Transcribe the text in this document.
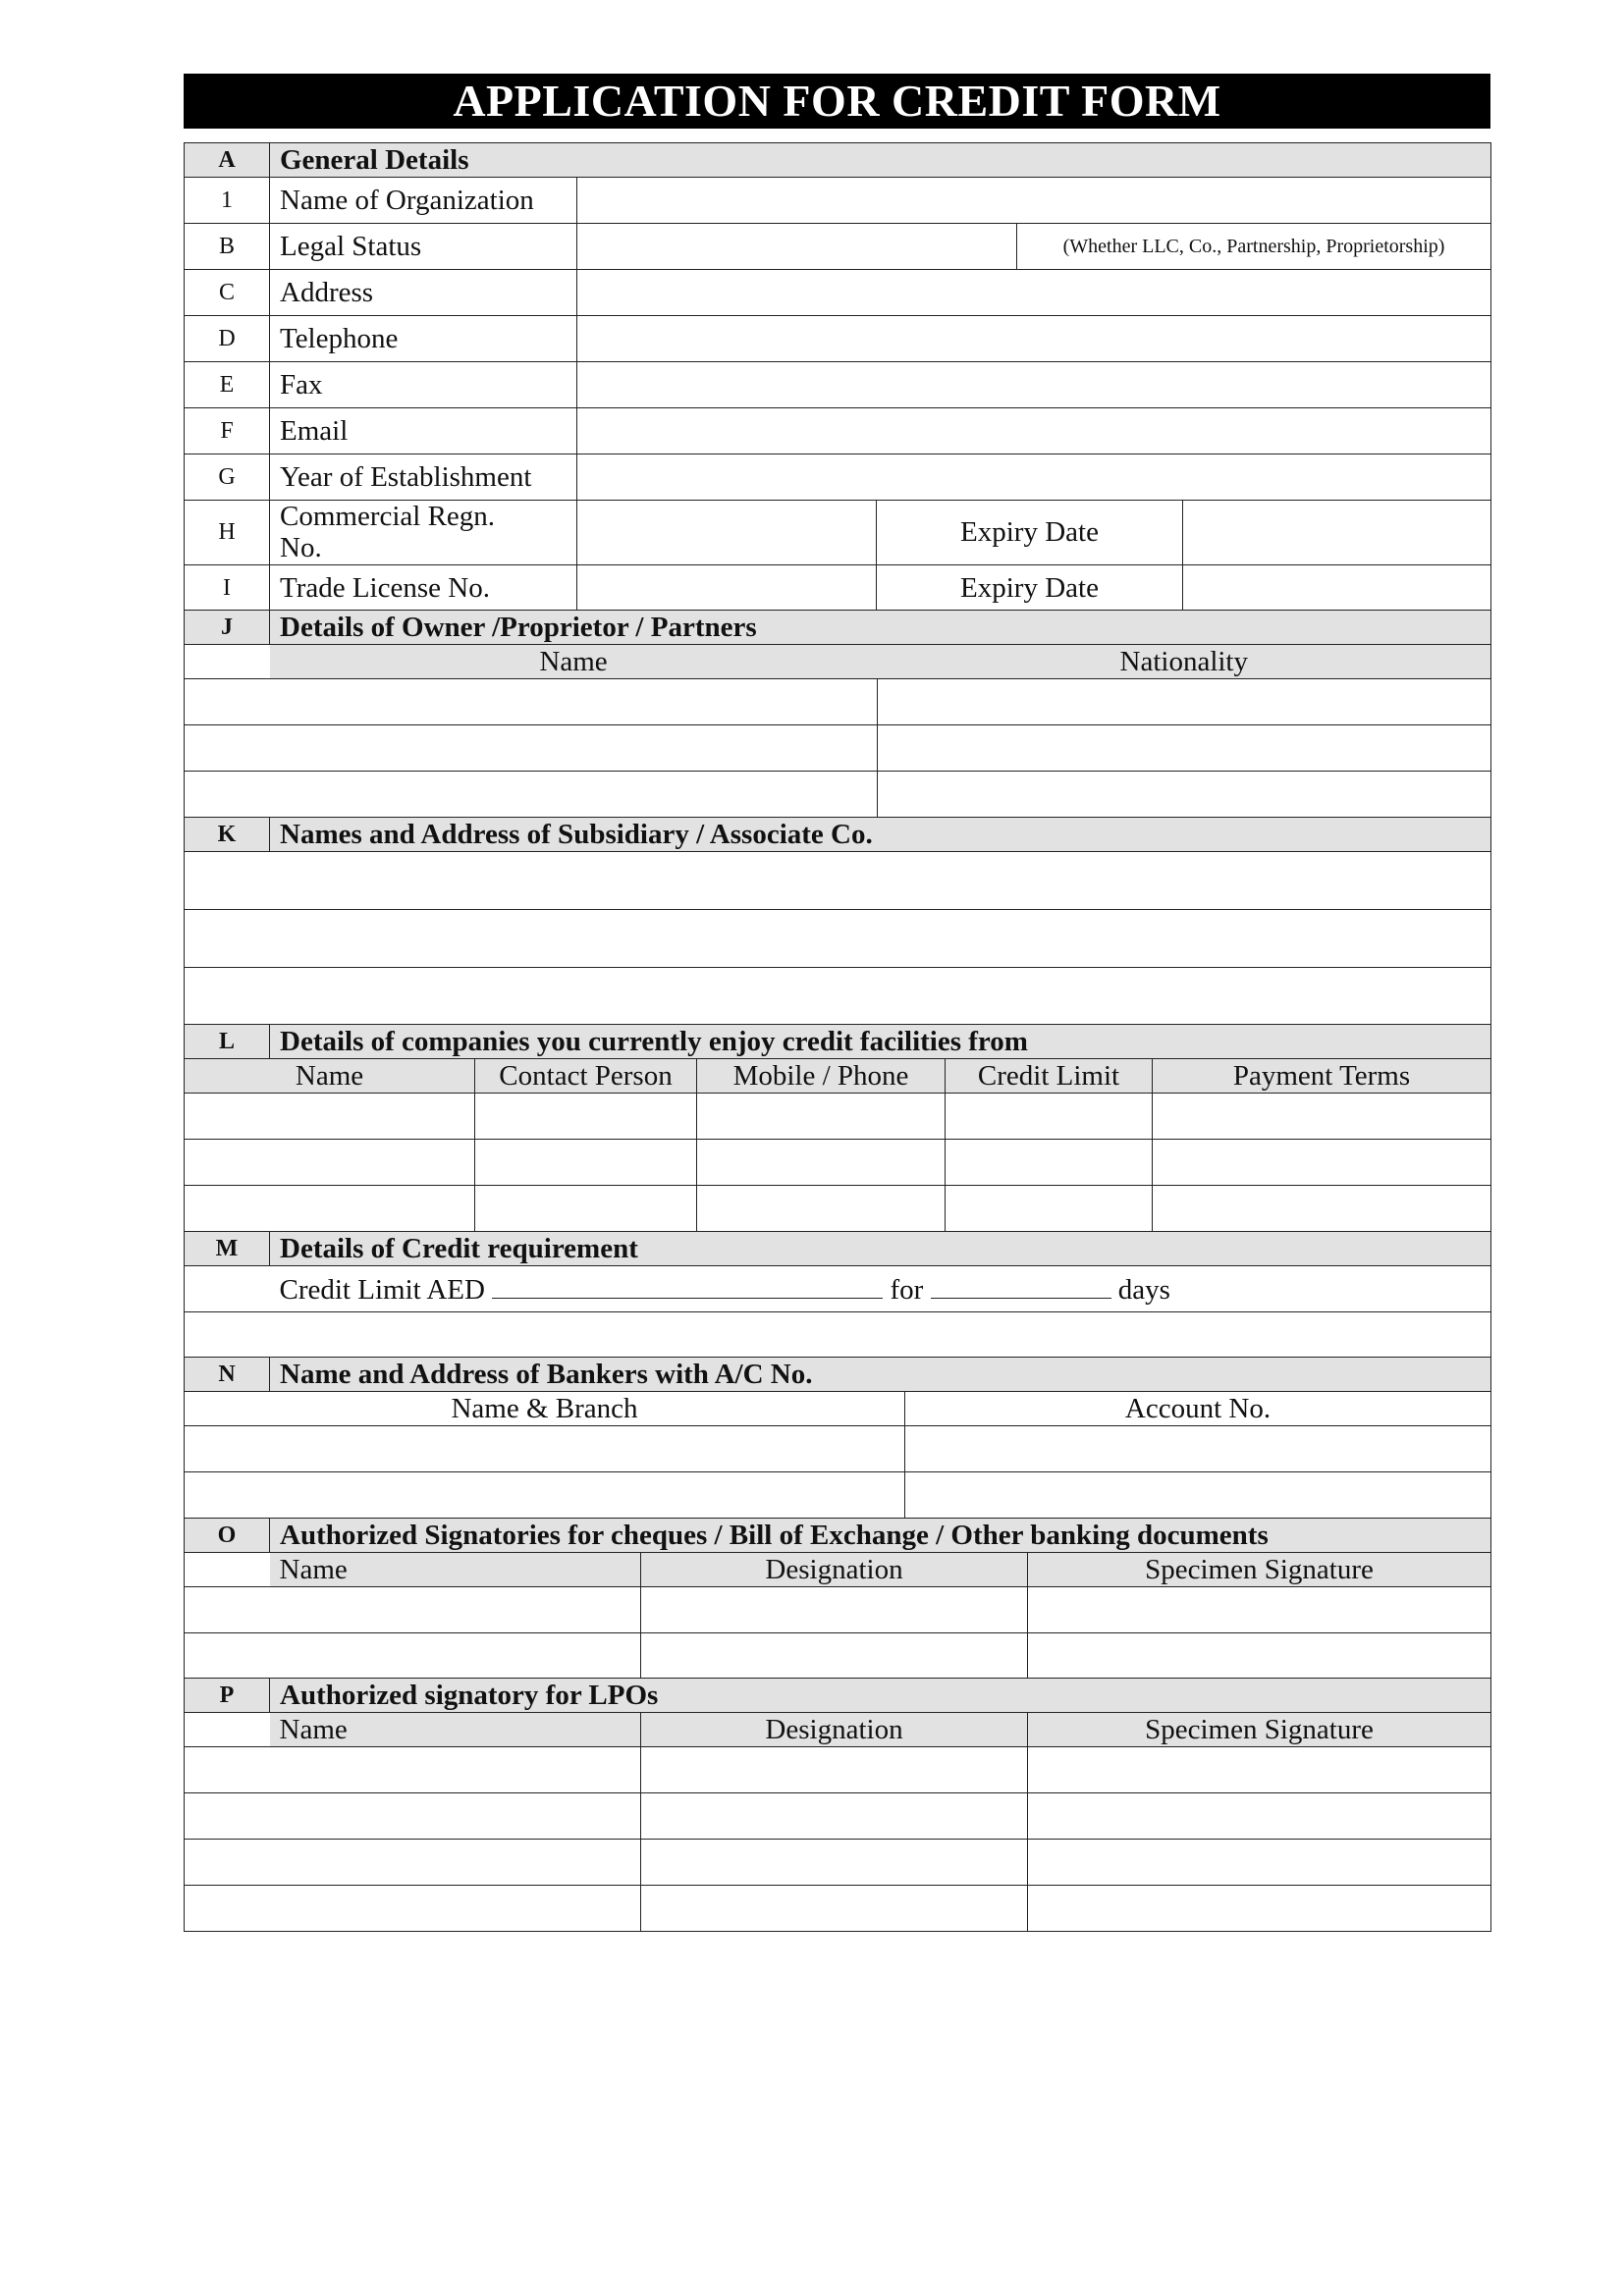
APPLICATION FOR CREDIT FORM
A	General Details				
1	Name of Organization				
B	Legal Status			(Whether LLC, Co., Partnership, Proprietorship)	
C	Address				
D	Telephone				
E	Fax				
F	Email				
G	Year of Establishment				
H	Commercial Regn. No.		Expiry Date		
I	Trade License No.		Expiry Date		
J	Details of Owner /Proprietor / Partners	
	Name	Nationality

K	Names and Address of Subsidiary / Associate Co.

L	Details of companies you currently enjoy credit facilities from				
Name		Contact Person	Mobile / Phone	Credit Limit	Payment Terms

M	Details of Credit requirement
	Credit Limit AED for days

N	Name and Address of Bankers with A/C No.	
Name & Branch		Account No.

O	Authorized Signatories for cheques / Bill of Exchange / Other banking documents		
	Name	Designation	Specimen Signature

P	Authorized signatory for LPOs		
	Name	Designation	Specimen Signature
